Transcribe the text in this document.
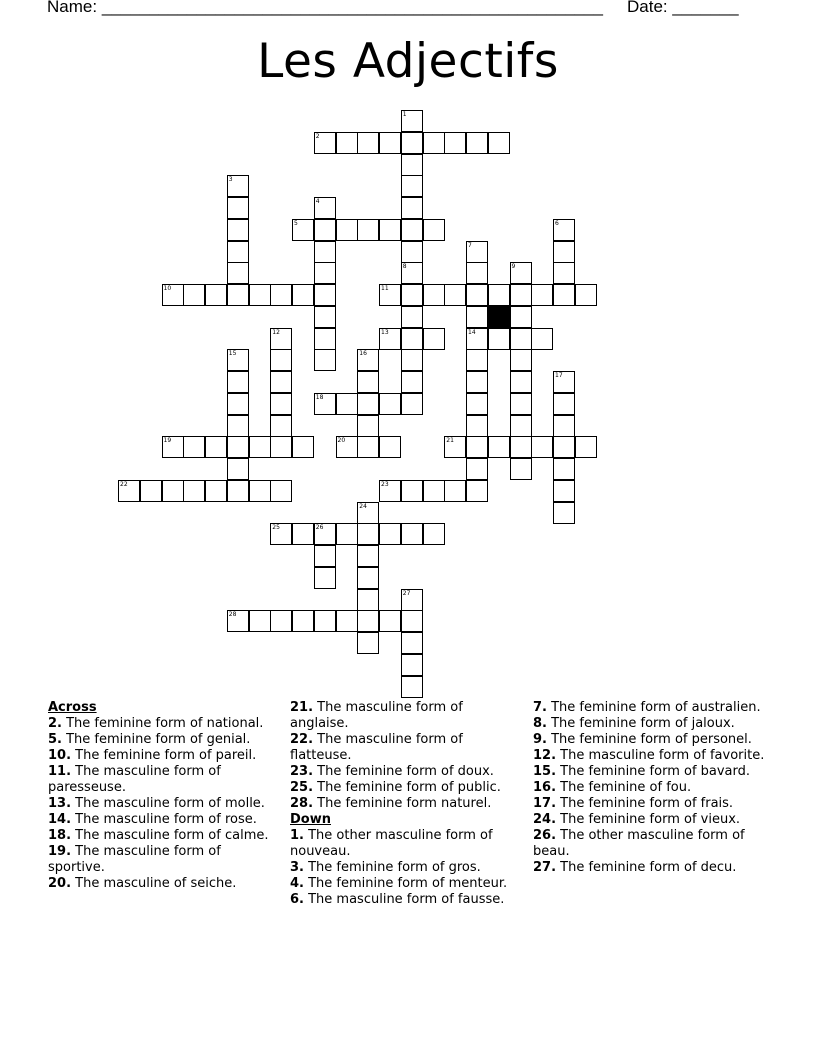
Name: _____________________________________________________ Date: _______
Les Adjectifs
1
2
3
4
5	6
7
8	9
10	11
12	13	14
15	16
17
18
19	20	21
22	23
24
25	26
27
28
Across
2. The feminine form of national.
5. The feminine form of genial.
10. The feminine form of pareil.
11. The masculine form of paresseuse.
13. The masculine form of molle.
14. The masculine form of rose.
18. The masculine form of calme.
19. The masculine form of sportive.
20. The masculine of seiche.
21. The masculine form of anglaise.
22. The masculine form of flatteuse.
23. The feminine form of doux.
25. The feminine form of public.
28. The feminine form naturel.
Down
1. The other masculine form of nouveau.
3. The feminine form of gros.
4. The feminine form of menteur.
6. The masculine form of fausse.
7. The feminine form of australien.
8. The feminine form of jaloux.
9. The feminine form of personel.
12. The masculine form of favorite.
15. The feminine form of bavard.
16. The feminine of fou.
17. The feminine form of frais.
24. The feminine form of vieux.
26. The other masculine form of beau.
27. The feminine form of decu.
